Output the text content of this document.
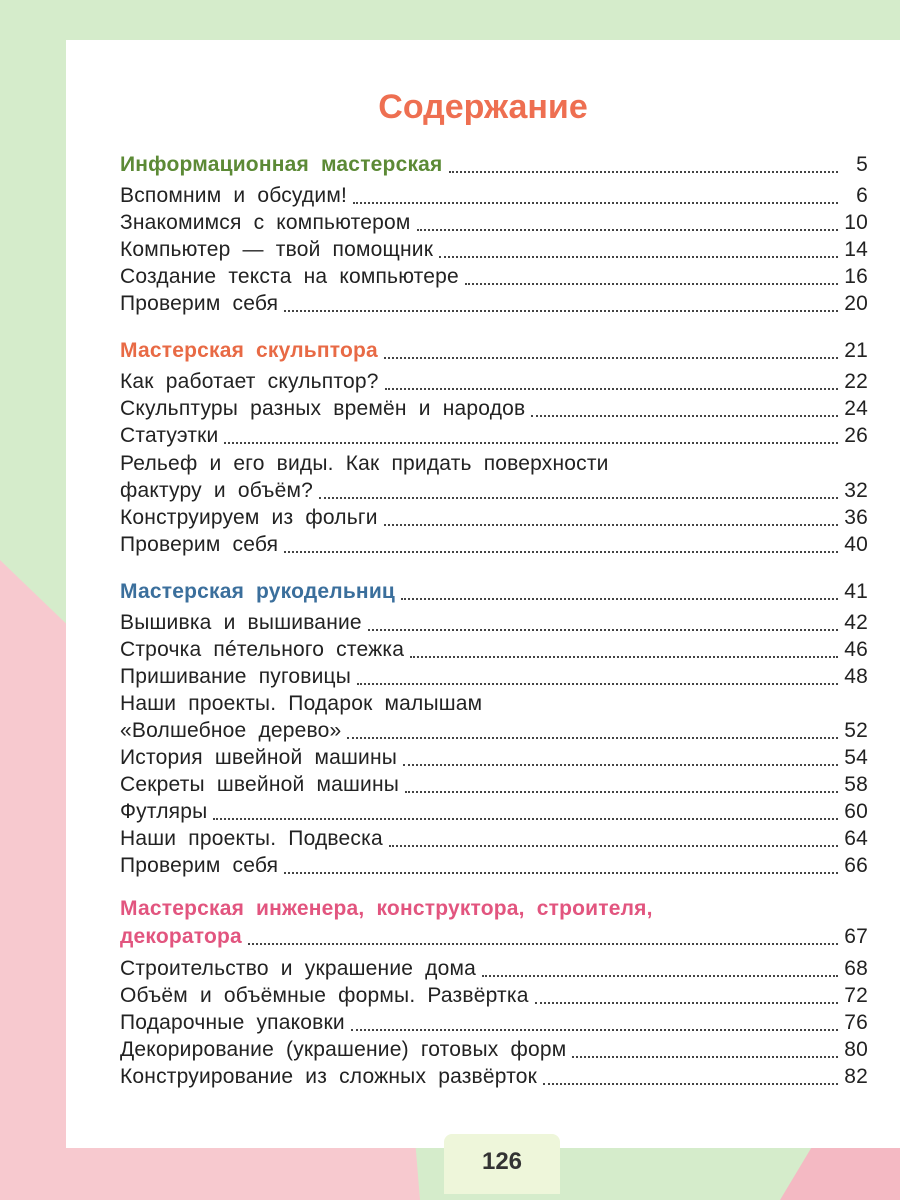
Содержание
Информационная мастерская	5
Вспомним и обсудим!	6
Знакомимся с компьютером	10
Компьютер — твой помощник	14
Создание текста на компьютере	16
Проверим себя	20
Мастерская скульптора	21
Как работает скульптор?	22
Скульптуры разных времён и народов	24
Статуэтки	26
Рельеф и его виды. Как придать поверхности
фактуру и объём?	32
Конструируем из фольги	36
Проверим себя	40
Мастерская рукодельниц	41
Вышивка и вышивание	42
Строчка пéтельного стежка	46
Пришивание пуговицы	48
Наши проекты. Подарок малышам
«Волшебное дерево»	52
История швейной машины	54
Секреты швейной машины	58
Футляры	60
Наши проекты. Подвеска	64
Проверим себя	66
Мастерская инженера, конструктора, строителя,
декоратора	67
Строительство и украшение дома	68
Объём и объёмные формы. Развёртка	72
Подарочные упаковки	76
Декорирование (украшение) готовых форм	80
Конструирование из сложных развёрток	82
126
